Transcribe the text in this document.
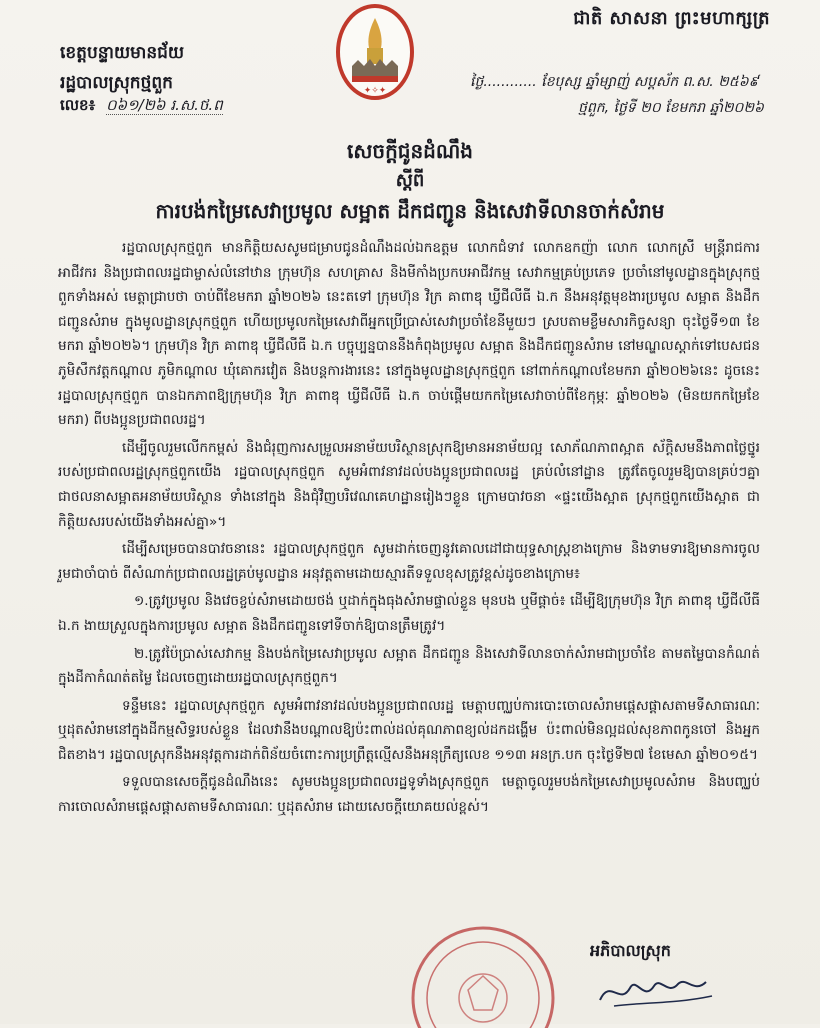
ជាតិ សាសនា ព្រះមហាក្សត្រ
✦✧✦
ខេត្តបន្ទាយមានជ័យ
រដ្ឋបាលស្រុកថ្មពួក
លេខ៖ ០៦១/២៦ រ.ស.ថ.ព
ថ្ងៃ............ ខែបុស្ស ឆ្នាំម្សាញ់ សប្តស័ក ព.ស. ២៥៦៩
ថ្មពួក, ថ្ងៃទី ២០ ខែមករា ឆ្នាំ២០២៦
សេចក្តីជូនដំណឹង
ស្តីពី
ការបង់កម្រៃសេវាប្រមូល សម្អាត ដឹកជញ្ជូន និងសេវាទីលានចាក់សំរាម

រដ្ឋបាលស្រុកថ្មពួក មានកិត្តិយសសូមជម្រាបជូនដំណឹងដល់ឯកឧត្តម លោកជំទាវ លោកឧកញ៉ា លោក លោកស្រី មន្ត្រីរាជការ អាជីវករ និងប្រជាពលរដ្ឋជាម្ចាស់លំនៅឋាន ក្រុមហ៊ុន សហគ្រាស និងមីកាំងប្រកបអាជីវកម្ម សេវាកម្មគ្រប់ប្រភេទ ប្រចាំនៅមូលដ្ឋានក្នុងស្រុកថ្មពួកទាំងអស់ មេត្តាជ្រាបថា ចាប់ពីខែមករា ឆ្នាំ២០២៦ នេះតទៅ ក្រុមហ៊ុន វិក្រ គាពាឌុ ឃ្វីជីលីធី ឯ.ក នឹងអនុវត្តមុខងារប្រមូល សម្អាត និងដឹកជញ្ជូនសំរាម ក្នុងមូលដ្ឋានស្រុកថ្មពួក ហើយប្រមូលកម្រៃសេវាពីអ្នកប្រើប្រាស់សេវាប្រចាំខែនីមួយៗ ស្របតាមខ្លឹមសារកិច្ចសន្យា ចុះថ្ងៃទី១៣ ខែមករា ឆ្នាំ២០២៦។ ក្រុមហ៊ុន វិក្រ គាពាឌុ ឃ្វីជីលីធី ឯ.ក បច្ចុប្បន្នបាននឹងកំពុងប្រមូល សម្អាត និងដឹកជញ្ជូនសំរាម នៅមណ្ឌលស្ដាក់ទៅបេសជនភូមិសឹកវត្តកណ្ដាល ភូមិកណ្ដាល ឃុំគោករវៀត និងបន្តការងារនេះ នៅក្នុងមូលដ្ឋានស្រុកថ្មពួក នៅពាក់កណ្ដាលខែមករា ឆ្នាំ២០២៦នេះ ដូចនេះរដ្ឋបាលស្រុកថ្មពួក បានឯកភាពឱ្យក្រុមហ៊ុន វិក្រ គាពាឌុ ឃ្វីជីលីធី ឯ.ក ចាប់ផ្ដើមយកកម្រៃសេវាចាប់ពីខែកុម្ភៈ ឆ្នាំ២០២៦ (មិនយកកម្រៃខែមករា) ពីបងប្អូនប្រជាពលរដ្ឋ។

ដើម្បីចូលរួមលើកកម្ពស់ និងជំរុញការសម្រួលអនាម័យបរិស្ថានស្រុកឱ្យមានអនាម័យល្អ សោភ័ណភាពស្អាត ស័ក្តិសមនឹងភាពថ្លៃថ្នូររបស់ប្រជាពលរដ្ឋស្រុកថ្មពួកយើង រដ្ឋបាលស្រុកថ្មពួក សូមអំពាវនាវដល់បងប្អូនប្រជាពលរដ្ឋ គ្រប់លំនៅដ្ឋាន ត្រូវតែចូលរួមឱ្យបានគ្រប់ៗគ្នា ជាថលនាសម្អាតអនាម័យបរិស្ថាន ទាំងនៅក្នុង និងជុំវិញបរិវេណគេហដ្ឋានរៀងៗខ្លួន ក្រោមបាវចនា «ផ្ទះយើងស្អាត ស្រុកថ្មពួកយើងស្អាត ជាកិត្តិយសរបស់យើងទាំងអស់គ្នា»។

ដើម្បីសម្រេចបានបាវចនានេះ រដ្ឋបាលស្រុកថ្មពួក សូមដាក់ចេញនូវគោលដៅជាយុទ្ធសាស្ត្រខាងក្រោម និងទាមទារឱ្យមានការចូលរួមជាចាំបាច់ ពីសំណាក់ប្រជាពលរដ្ឋគ្រប់មូលដ្ឋាន អនុវត្តតាមដោយស្មារតីទទួលខុសត្រូវខ្ពស់ដូចខាងក្រោម៖

១.ត្រូវប្រមូល និងវេចខ្ចប់សំរាមដោយថង់ ឬដាក់ក្នុងធុងសំរាមផ្ទាល់ខ្លួន មុនបង ឬមីផ្ដាច់៖ ដើម្បីឱ្យក្រុមហ៊ុន វិក្រ គាពាឌុ ឃ្វីជីលីធី ឯ.ក ងាយស្រួលក្នុងការប្រមូល សម្អាត និងដឹកជញ្ជូនទៅទីចាក់ឱ្យបានត្រឹមត្រូវ។

២.ត្រូវប៉ៃប្រាស់សេវាកម្ម និងបង់កម្រៃសេវាប្រមូល សម្អាត ដឹកជញ្ជូន និងសេវាទីលានចាក់សំរាមជាប្រចាំខែ តាមតម្លៃបានកំណត់ក្នុងដីកាកំណត់តម្លៃ ដែលចេញដោយរដ្ឋបាលស្រុកថ្មពួក។

ទន្ទឹមនេះ រដ្ឋបាលស្រុកថ្មពួក សូមអំពាវនាវដល់បងប្អូនប្រជាពលរដ្ឋ មេត្តាបញ្ឈប់ការបោះចោលសំរាមផ្ដេសផ្ដាសតាមទីសាធារណៈ ឬដុតសំរាមនៅក្នុងដីកម្មសិទ្ធរបស់ខ្លួន ដែលវានឹងបណ្ដាលឱ្យប៉ះពាល់ដល់គុណភាពខ្យល់ដកដង្ហើម ប៉ះពាល់មិនល្អដល់សុខភាពកូនចៅ និងអ្នកជិតខាង។ រដ្ឋបាលស្រុកនឹងអនុវត្តការដាក់ពិន័យចំពោះការប្រព្រឹត្តល្មើសនឹងអនុក្រឹត្យលេខ ១១៣ អនក្រ.បក ចុះថ្ងៃទី២៧ ខែមេសា ឆ្នាំ២០១៥។

ទទួលបានសេចក្តីជូនដំណឹងនេះ សូមបងប្អូនប្រជាពលរដ្ឋទូទាំងស្រុកថ្មពួក មេត្តាចូលរួមបង់កម្រៃសេវាប្រមូលសំរាម និងបញ្ឈប់ការចោលសំរាមផ្ដេសផ្ដាសតាមទីសាធារណៈ ឬដុតសំរាម ដោយសេចក្តីយោគយល់ខ្ពស់។

អភិបាលស្រុក
